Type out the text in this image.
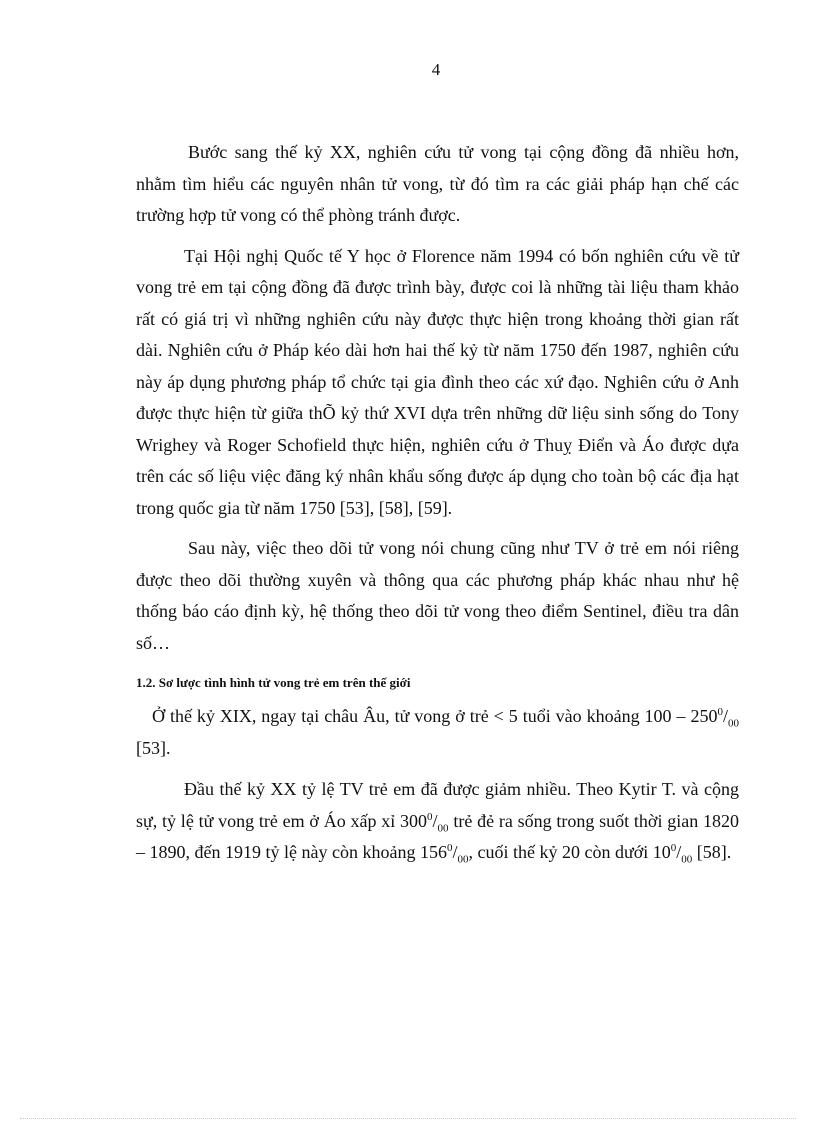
4

Bước sang thế kỷ XX, nghiên cứu tử vong tại cộng đồng đã nhiều hơn, nhằm tìm hiểu các nguyên nhân tử vong, từ đó tìm ra các giải pháp hạn chế các trường hợp tử vong có thể phòng tránh được.

Tại Hội nghị Quốc tế Y học ở Florence năm 1994 có bốn nghiên cứu về tử vong trẻ em tại cộng đồng đã được trình bày, được coi là những tài liệu tham khảo rất có giá trị vì những nghiên cứu này được thực hiện trong khoảng thời gian rất dài. Nghiên cứu ở Pháp kéo dài hơn hai thế kỷ từ năm 1750 đến 1987, nghiên cứu này áp dụng phương pháp tổ chức tại gia đình theo các xứ đạo. Nghiên cứu ở Anh được thực hiện từ giữa thÕ kỷ thứ XVI dựa trên những dữ liệu sinh sống do Tony Wrighey và Roger Schofield thực hiện, nghiên cứu ở Thuỵ Điển và Áo được dựa trên các số liệu việc đăng ký nhân khẩu sống được áp dụng cho toàn bộ các địa hạt trong quốc gia từ năm 1750 [53], [58], [59].

Sau này, việc theo dõi tử vong nói chung cũng như TV ở trẻ em nói riêng được theo dõi thường xuyên và thông qua các phương pháp khác nhau như hệ thống báo cáo định kỳ, hệ thống theo dõi tử vong theo điểm Sentinel, điều tra dân số…

1.2. Sơ lược tình hình tử vong trẻ em trên thế giới

Ở thế kỷ XIX, ngay tại châu Âu, tử vong ở trẻ < 5 tuổi vào khoảng $100 - 250^0/_{00}$ [53].

Đầu thế kỷ XX tỷ lệ TV trẻ em đã được giảm nhiều. Theo Kytir T. và cộng sự, tỷ lệ tử vong trẻ em ở Áo xấp xỉ $300^0/_{00}$ trẻ đẻ ra sống trong suốt thời gian 1820 – 1890, đến 1919 tỷ lệ này còn khoảng $156^0/_{00}$, cuối thế kỷ 20 còn dưới $10^0/_{00}$ [58].
